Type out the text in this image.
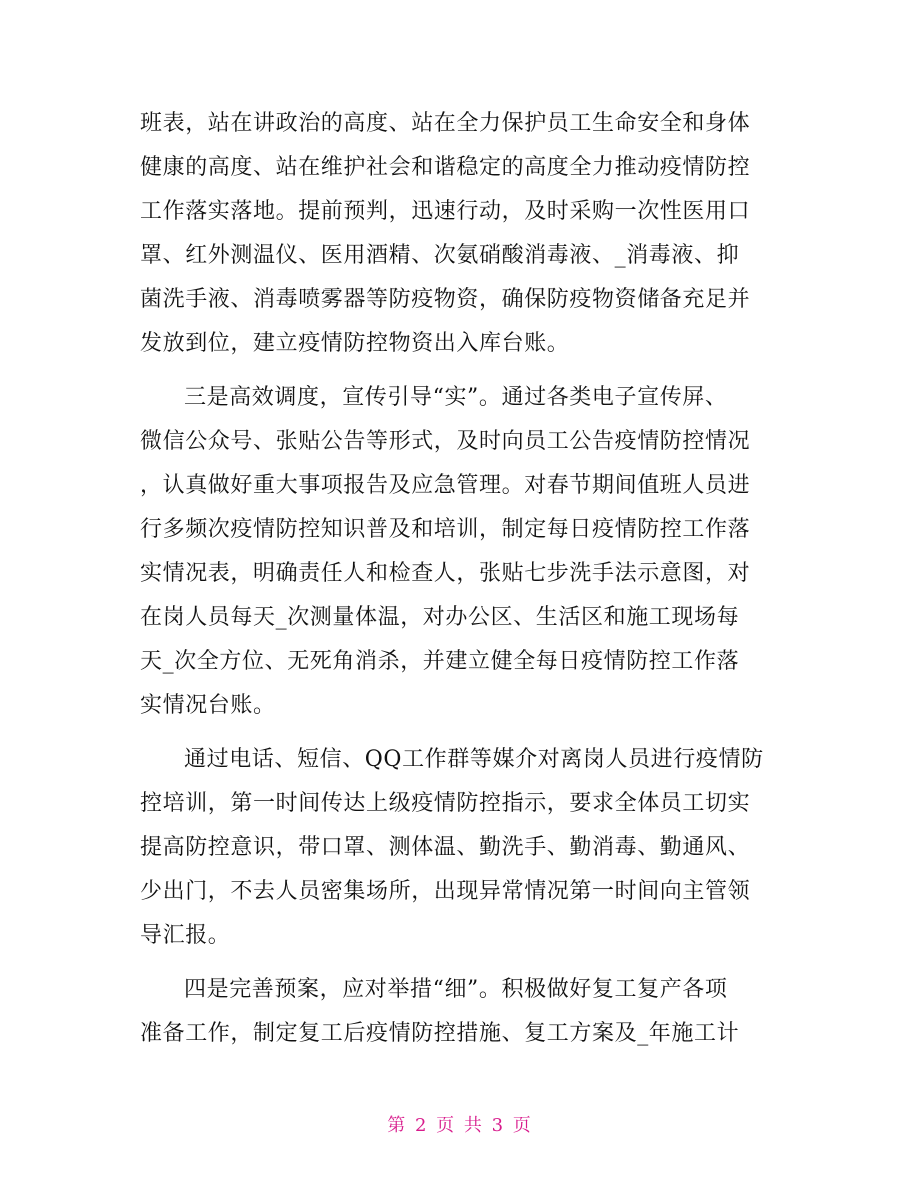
班表，站在讲政治的高度、站在全力保护员工生命安全和身体
健康的高度、站在维护社会和谐稳定的高度全力推动疫情防控
工作落实落地。提前预判，迅速行动，及时采购一次性医用口
罩、红外测温仪、医用酒精、次氨硝酸消毒液、_消毒液、抑
菌洗手液、消毒喷雾器等防疫物资，确保防疫物资储备充足并
发放到位，建立疫情防控物资出入库台账。
三是高效调度，宣传引导“实”。通过各类电子宣传屏、
微信公众号、张贴公告等形式，及时向员工公告疫情防控情况
，认真做好重大事项报告及应急管理。对春节期间值班人员进
行多频次疫情防控知识普及和培训，制定每日疫情防控工作落
实情况表，明确责任人和检查人，张贴七步洗手法示意图，对
在岗人员每天_次测量体温，对办公区、生活区和施工现场每
天_次全方位、无死角消杀，并建立健全每日疫情防控工作落
实情况台账。
通过电话、短信、QQ工作群等媒介对离岗人员进行疫情防
控培训，第一时间传达上级疫情防控指示，要求全体员工切实
提高防控意识，带口罩、测体温、勤洗手、勤消毒、勤通风、
少出门，不去人员密集场所，出现异常情况第一时间向主管领
导汇报。
四是完善预案，应对举措“细”。积极做好复工复产各项
准备工作，制定复工后疫情防控措施、复工方案及_年施工计
第 2 页 共 3 页
